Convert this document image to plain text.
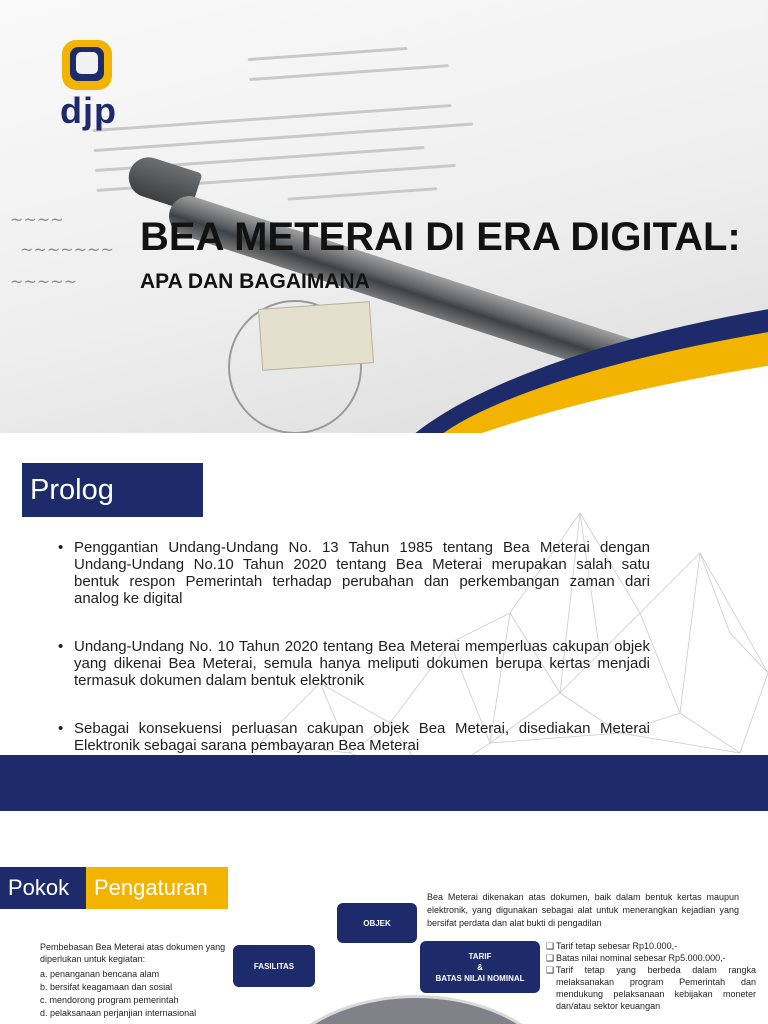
~~~~
~~~~~~~
~~~~~
djp
BEA METERAI DI ERA DIGITAL:
APA DAN BAGAIMANA
Prolog
• Penggantian Undang-Undang No. 13 Tahun 1985 tentang Bea Meterai dengan Undang-Undang No.10 Tahun 2020 tentang Bea Meterai merupakan salah satu bentuk respon Pemerintah terhadap perubahan dan perkembangan zaman dari analog ke digital
• Undang-Undang No. 10 Tahun 2020 tentang Bea Meterai memperluas cakupan objek yang dikenai Bea Meterai, semula hanya meliputi dokumen berupa kertas menjadi termasuk dokumen dalam bentuk elektronik
• Sebagai konsekuensi perluasan cakupan objek Bea Meterai, disediakan Meterai Elektronik sebagai sarana pembayaran Bea Meterai
Pokok	Pengaturan	Bea Meterai dikenakan atas dokumen, baik dalam bentuk kertas maupun elektronik, yang digunakan sebagai alat untuk menerangkan kejadian yang bersifat perdata dan alat bukti di pengadilan
OBJEK
FASILITAS
TARIF
&
BATAS NILAI NOMINAL
Pembebasan Bea Meterai atas dokumen yang diperlukan untuk kegiatan:
a. penanganan bencana alam
b. bersifat keagamaan dan sosial
c. mendorong program pemerintah
d. pelaksanaan perjanjian internasional
❑ Tarif tetap sebesar Rp10.000,-
❑ Batas nilai nominal sebesar Rp5.000.000,-
❑ Tarif tetap yang berbeda dalam rangka melaksanakan program Pemerintah dan mendukung pelaksanaan kebijakan moneter dan/atau sektor keuangan
